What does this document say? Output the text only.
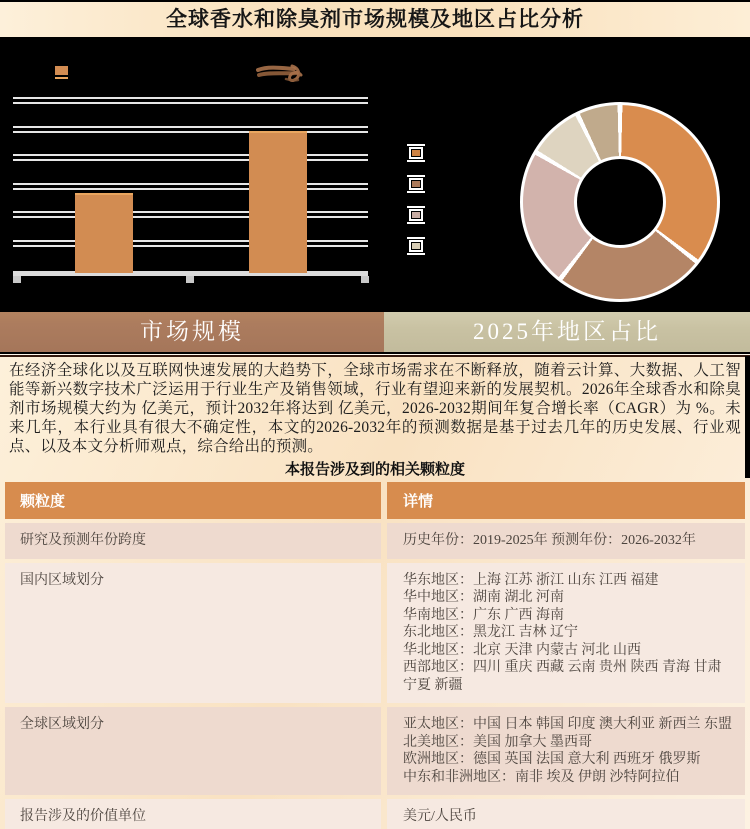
全球香水和除臭剂市场规模及地区占比分析
市场规模	2025年地区占比
在经济全球化以及互联网快速发展的大趋势下，全球市场需求在不断释放，随着云计算、大数据、人工智能等新兴数字技术广泛运用于行业生产及销售领域，行业有望迎来新的发展契机。2026年全球香水和除臭剂市场规模大约为 亿美元，预计2032年将达到 亿美元，2026-2032期间年复合增长率（CAGR）为 %。未来几年，本行业具有很大不确定性，本文的2026-2032年的预测数据是基于过去几年的历史发展、行业观点、以及本文分析师观点，综合给出的预测。
本报告涉及到的相关颗粒度
颗粒度	详情
研究及预测年份跨度	历史年份：2019-2025年 预测年份：2026-2032年
国内区域划分	华东地区：上海 江苏 浙江 山东 江西 福建
华中地区：湖南 湖北 河南
华南地区：广东 广西 海南
东北地区：黑龙江 吉林 辽宁
华北地区：北京 天津 内蒙古 河北 山西
西部地区：四川 重庆 西藏 云南 贵州 陕西 青海 甘肃 宁夏 新疆
全球区域划分	亚太地区：中国 日本 韩国 印度 澳大利亚 新西兰 东盟
北美地区：美国 加拿大 墨西哥
欧洲地区：德国 英国 法国 意大利 西班牙 俄罗斯
中东和非洲地区：南非 埃及 伊朗 沙特阿拉伯
报告涉及的价值单位	美元/人民币
